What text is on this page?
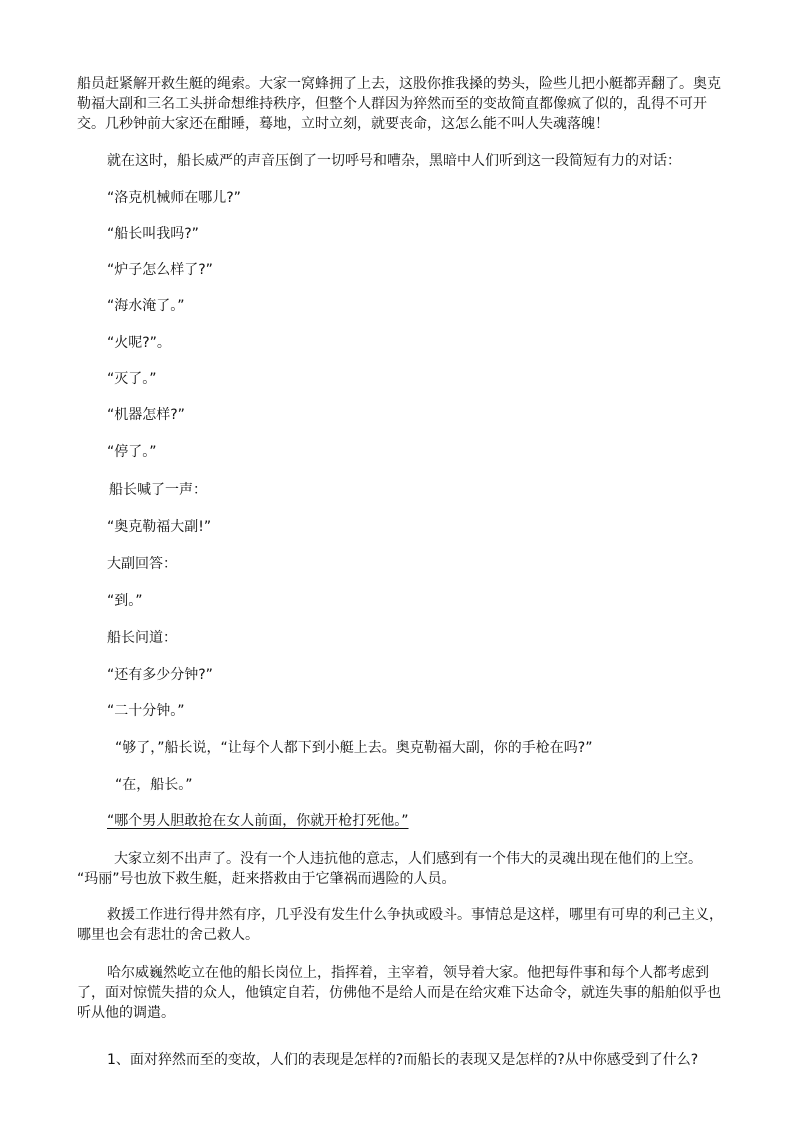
船员赶紧解开救生艇的绳索。大家一窝蜂拥了上去，这股你推我搡的势头，险些儿把小艇都弄翻了。奥克
勒福大副和三名工头拼命想维持秩序，但整个人群因为猝然而至的变故简直都像疯了似的，乱得不可开
交。几秒钟前大家还在酣睡，蓦地，立时立刻，就要丧命，这怎么能不叫人失魂落魄！
就在这时，船长威严的声音压倒了一切呼号和嘈杂，黑暗中人们听到这一段简短有力的对话：
“洛克机械师在哪儿?”
“船长叫我吗?”
“炉子怎么样了?”
“海水淹了。”
“火呢?”。
“灭了。”
“机器怎样?”
“停了。”
船长喊了一声：
“奥克勒福大副!”
大副回答：
“到。”
船长问道：
“还有多少分钟?”
“二十分钟。”
“够了，”船长说，“让每个人都下到小艇上去。奥克勒福大副，你的手枪在吗?”
“在，船长。”
“哪个男人胆敢抢在女人前面，你就开枪打死他。”
大家立刻不出声了。没有一个人违抗他的意志，人们感到有一个伟大的灵魂出现在他们的上空。
“玛丽”号也放下救生艇，赶来搭救由于它肇祸而遇险的人员。
救援工作进行得井然有序，几乎没有发生什么争执或殴斗。事情总是这样，哪里有可卑的利己主义，
哪里也会有悲壮的舍己救人。
哈尔威巍然屹立在他的船长岗位上，指挥着，主宰着，领导着大家。他把每件事和每个人都考虑到
了，面对惊慌失措的众人，他镇定自若，仿佛他不是给人而是在给灾难下达命令，就连失事的船舶似乎也
听从他的调遣。
1、面对猝然而至的变故，人们的表现是怎样的?而船长的表现又是怎样的?从中你感受到了什么?
